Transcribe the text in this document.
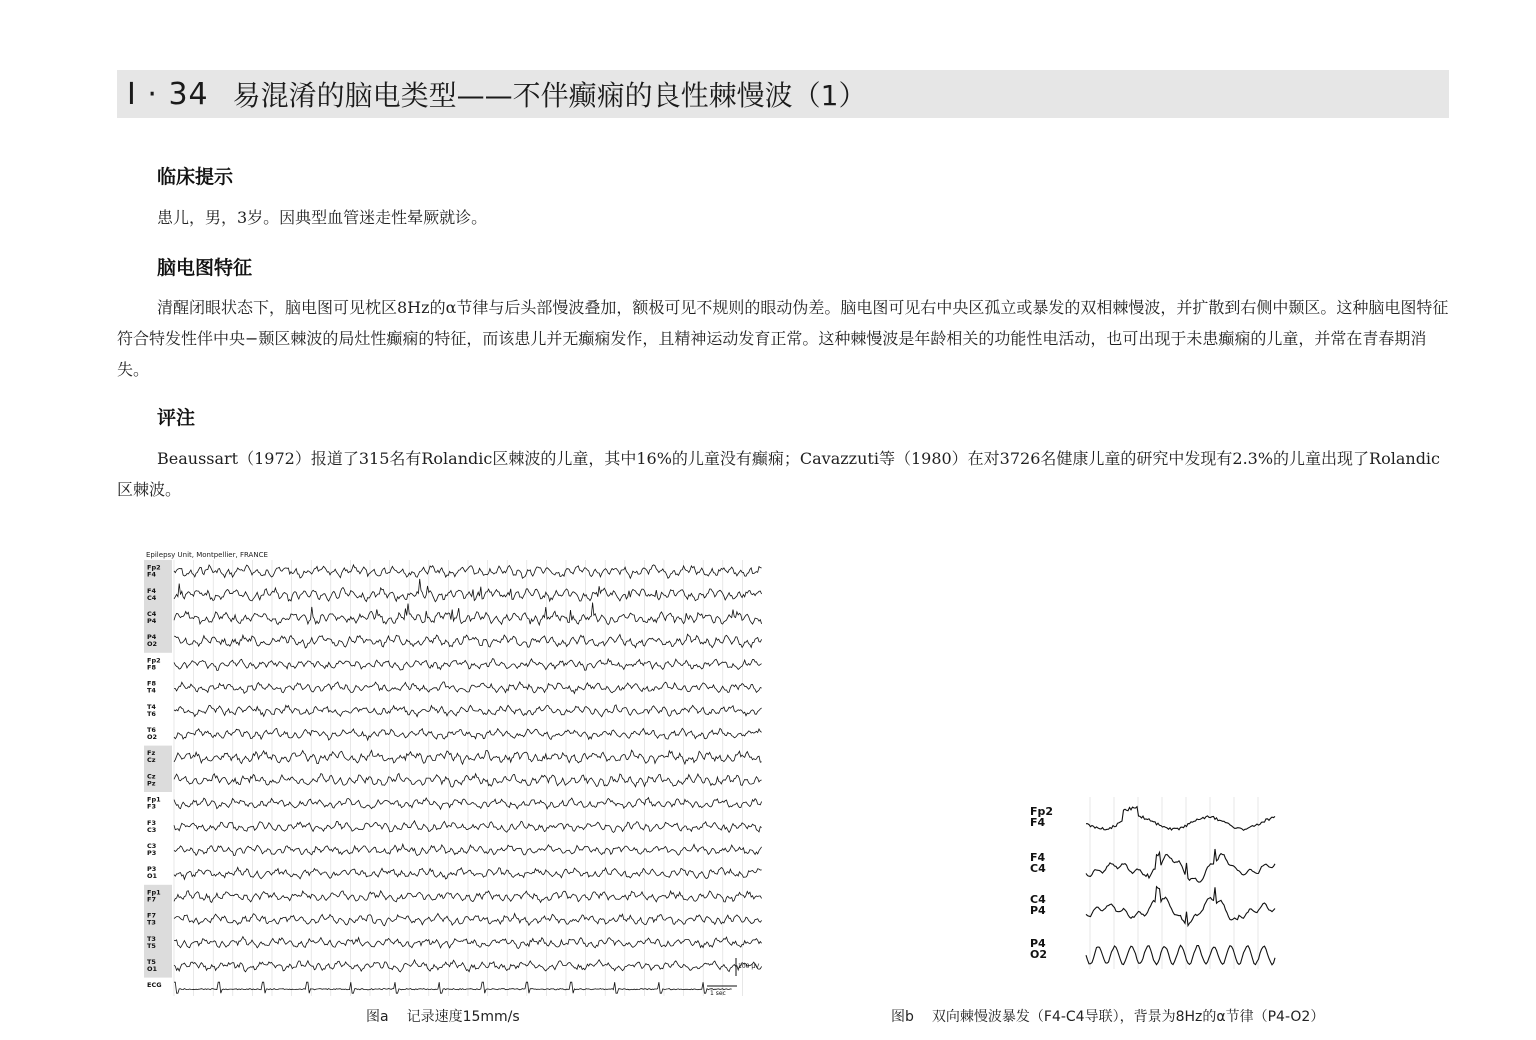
Ⅰ · 34 易混淆的脑电类型——不伴癫痫的良性棘慢波（1）
临床提示

患儿，男，3岁。因典型血管迷走性晕厥就诊。

脑电图特征

清醒闭眼状态下，脑电图可见枕区8Hz的α节律与后头部慢波叠加，额极可见不规则的眼动伪差。脑电图可见右中央区孤立或暴发的双相棘慢波，并扩散到右侧中颞区。这种脑电图特征符合特发性伴中央−颞区棘波的局灶性癫痫的特征，而该患儿并无癫痫发作，且精神运动发育正常。这种棘慢波是年龄相关的功能性电活动，也可出现于未患癫痫的儿童，并常在青春期消失。

评注

Beaussart（1972）报道了315名有Rolandic区棘波的儿童，其中16%的儿童没有癫痫；Cavazzuti等（1980）在对3726名健康儿童的研究中发现有2.3%的儿童出现了Rolandic区棘波。

Epilepsy Unit, Montpellier, FRANCE
Fp2
F4
F4
C4
C4
P4
P4
O2
Fp2
F8
F8
T4
T4
T6
T6
O2
Fz
Cz
Cz
Pz
Fp1
F3
F3
C3
C3
P3
P3
O1
Fp1
F7
F7
T3
T3
T5
T5
O1
ECG
100 μV
1 sec
图a 记录速度15mm/s
Fp2
F4
F4
C4
C4
P4
P4
O2
图b 双向棘慢波暴发（F4-C4导联），背景为8Hz的α节律（P4-O2）
